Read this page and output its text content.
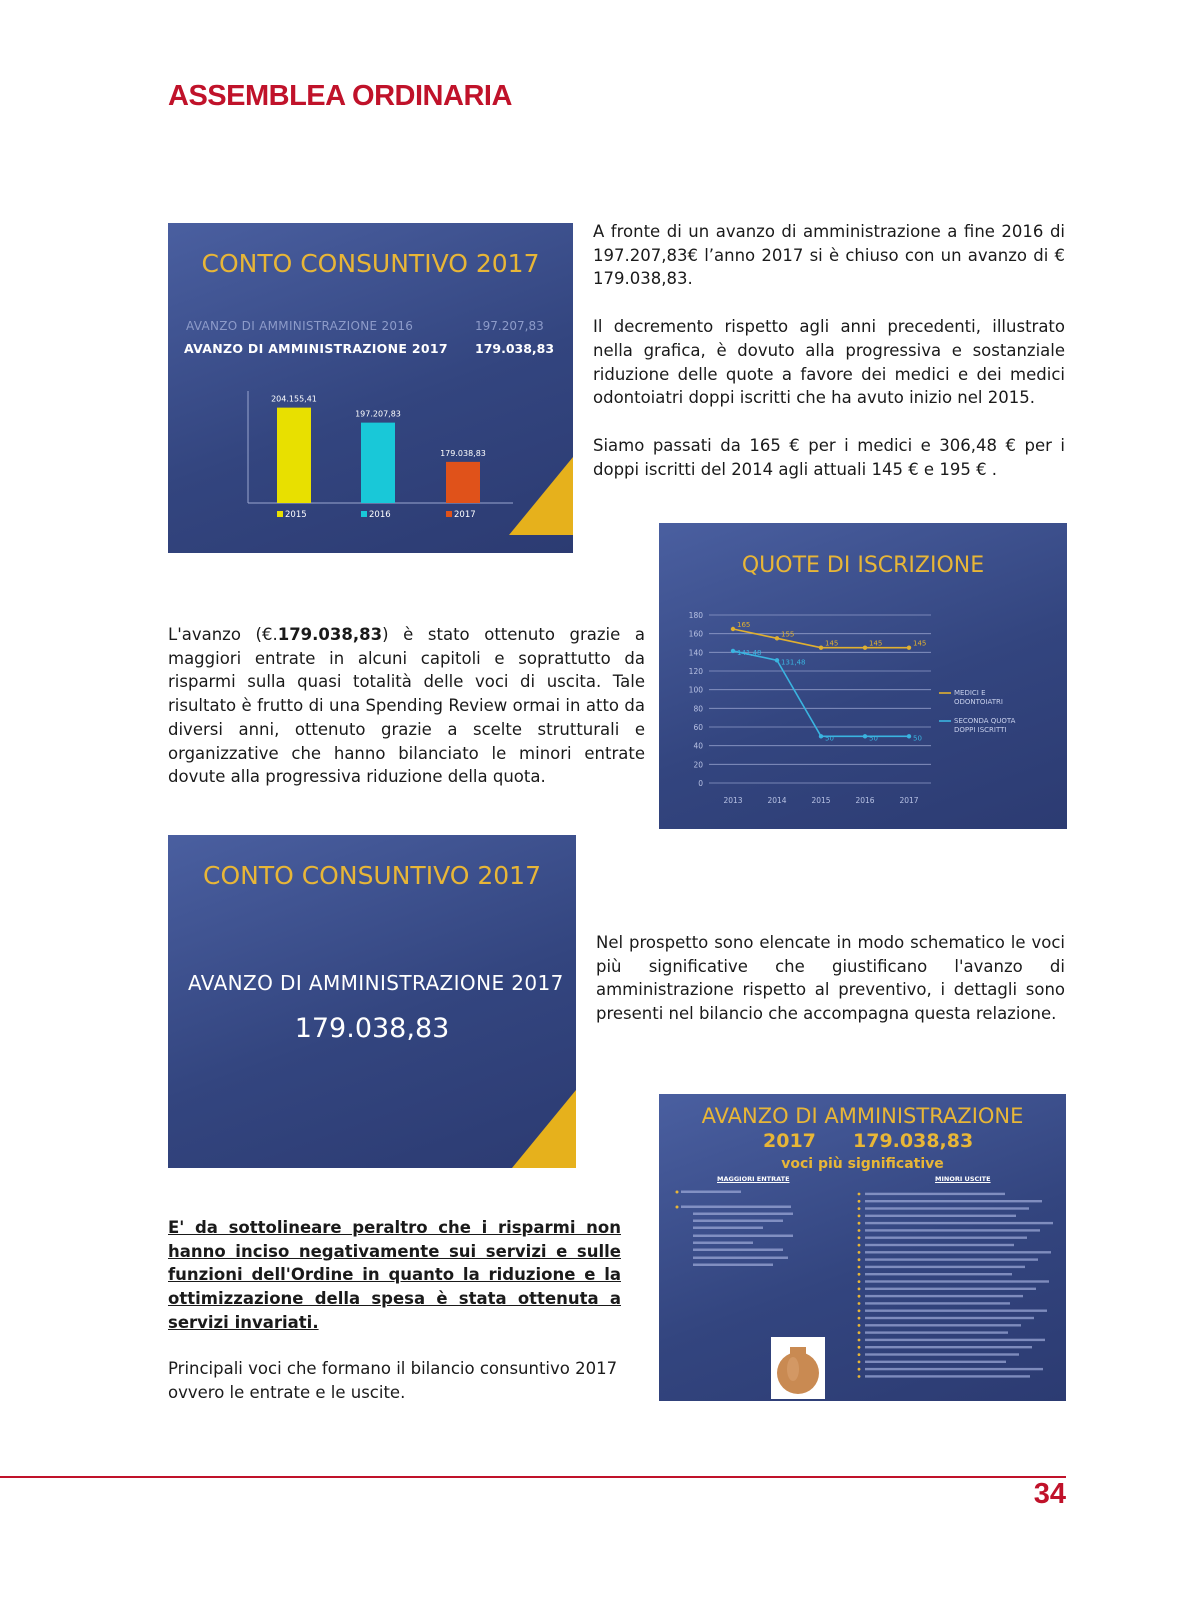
ASSEMBLEA ORDINARIA
CONTO CONSUNTIVO 2017
AVANZO DI AMMINISTRAZIONE 2016	197.207,83
AVANZO DI AMMINISTRAZIONE 2017 179.038,83
204.155,41
2015
197.207,83
2016
179.038,83
2017

A fronte di un avanzo di amministrazione a fine 2016 di 197.207,83€ l’anno 2017 si è chiuso con un avanzo di € 179.038,83.

Il decremento rispetto agli anni precedenti, illustrato nella grafica, è dovuto alla progressiva e sostanziale riduzione delle quote a favore dei medici e dei medici odontoiatri doppi iscritti che ha avuto inizio nel 2015.

Siamo passati da 165 € per i medici e 306,48 € per i doppi iscritti del 2014 agli attuali 145 € e 195 € .

QUOTE DI ISCRIZIONE
0
20
40
60
80
100
120
140
160
180
2013	2014	2015	2016	2017
165
155
145	145	145
MEDICI E
ODONTOIATRI
141,48
131,48
50	50	50
SECONDA QUOTA
DOPPI ISCRITTI

L'avanzo (€.179.038,83) è stato ottenuto grazie a maggiori entrate in alcuni capitoli e soprattutto da risparmi sulla quasi totalità delle voci di uscita. Tale risultato è frutto di una Spending Review ormai in atto da diversi anni, ottenuto grazie a scelte strutturali e organizzative che hanno bilanciato le minori entrate dovute alla progressiva riduzione della quota.

CONTO CONSUNTIVO 2017
AVANZO DI AMMINISTRAZIONE 2017
179.038,83

Nel prospetto sono elencate in modo schematico le voci più significative che giustificano l'avanzo di amministrazione rispetto al preventivo, i dettagli sono presenti nel bilancio che accompagna questa relazione.

E' da sottolineare peraltro che i risparmi non hanno inciso negativamente sui servizi e sulle funzioni dell'Ordine in quanto la riduzione e la ottimizzazione della spesa è stata ottenuta a servizi invariati.

Principali voci che formano il bilancio consuntivo 2017 ovvero le entrate e le uscite.

AVANZO DI AMMINISTRAZIONE
2017 179.038,83
voci più significative
MAGGIORI ENTRATE	MINORI USCITE
34
